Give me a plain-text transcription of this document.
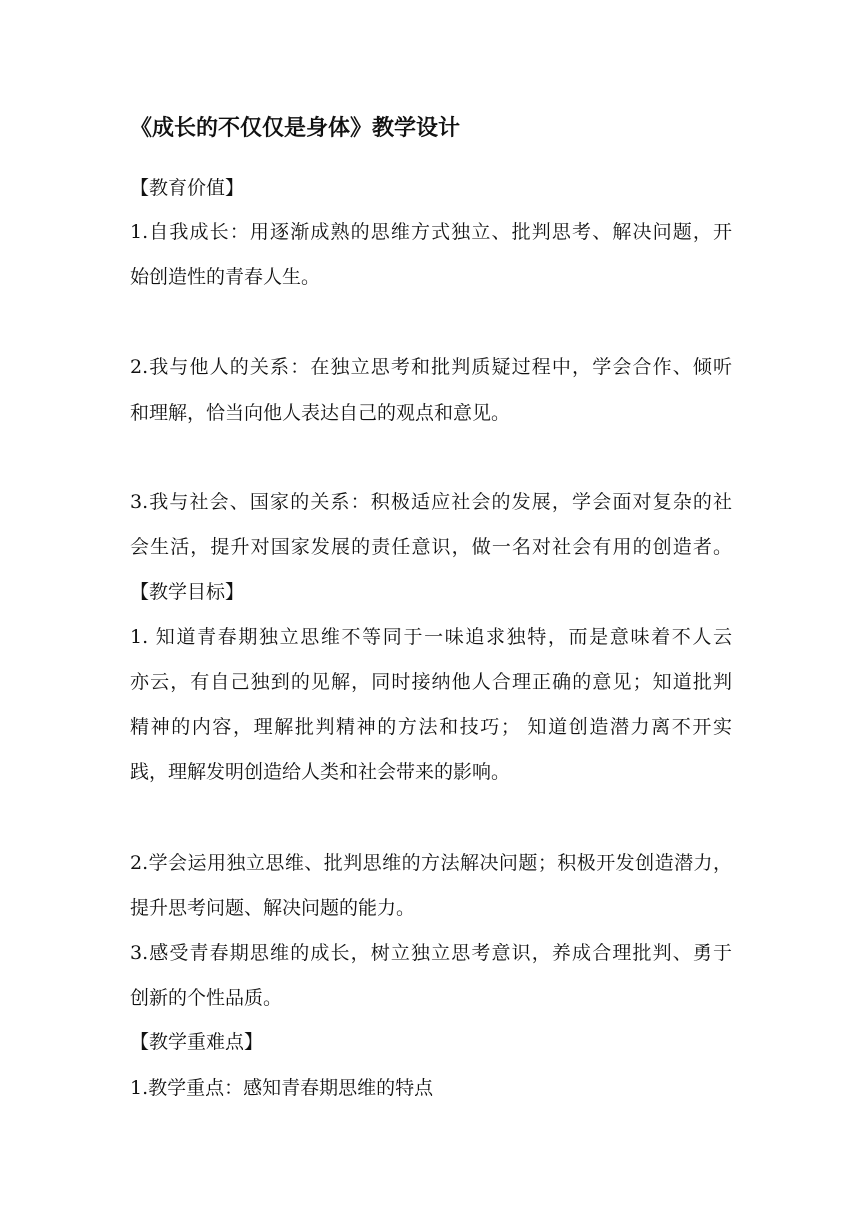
《成长的不仅仅是身体》教学设计
【教育价值】
1.自我成长：用逐渐成熟的思维方式独立、批判思考、解决问题，开
始创造性的青春人生。
2.我与他人的关系：在独立思考和批判质疑过程中，学会合作、倾听
和理解，恰当向他人表达自己的观点和意见。
3.我与社会、国家的关系：积极适应社会的发展，学会面对复杂的社
会生活，提升对国家发展的责任意识，做一名对社会有用的创造者。
【教学目标】
1. 知道青春期独立思维不等同于一味追求独特，而是意味着不人云
亦云，有自己独到的见解，同时接纳他人合理正确的意见；知道批判
精神的内容，理解批判精神的方法和技巧； 知道创造潜力离不开实
践，理解发明创造给人类和社会带来的影响。
2.学会运用独立思维、批判思维的方法解决问题；积极开发创造潜力，
提升思考问题、解决问题的能力。
3.感受青春期思维的成长，树立独立思考意识，养成合理批判、勇于
创新的个性品质。
【教学重难点】
1.教学重点：感知青春期思维的特点
